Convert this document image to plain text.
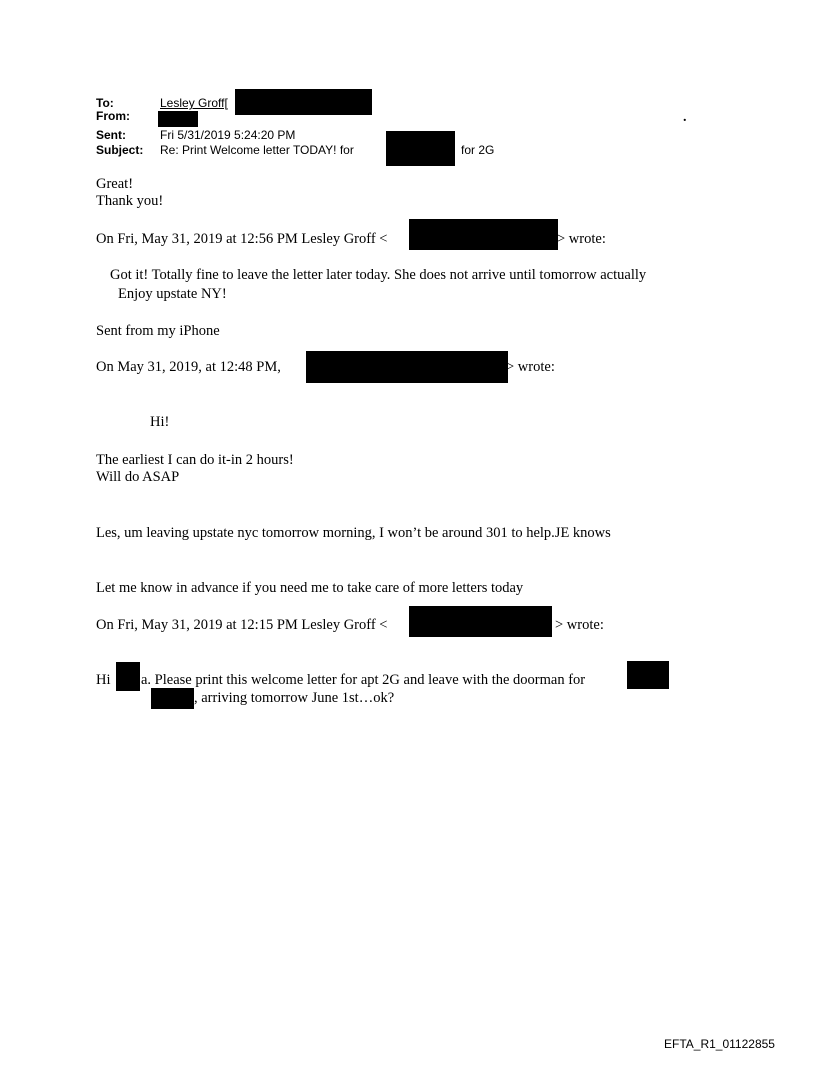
To:	Lesley Groff[
From:	.
Sent:	Fri 5/31/2019 5:24:20 PM
Subject: Re: Print Welcome letter TODAY! for	for 2G
Great!
Thank you!
On Fri, May 31, 2019 at 12:56 PM Lesley Groff <	> wrote:
Got it! Totally fine to leave the letter later today. She does not arrive until tomorrow actually
Enjoy upstate NY!
Sent from my iPhone
On May 31, 2019, at 12:48 PM,	> wrote:
Hi!
The earliest I can do it-in 2 hours!
Will do ASAP
Les, um leaving upstate nyc tomorrow morning, I won’t be around 301 to help.JE knows
Let me know in advance if you need me to take care of more letters today
On Fri, May 31, 2019 at 12:15 PM Lesley Groff <	> wrote:
Hi a. Please print this welcome letter for apt 2G and leave with the doorman for
, arriving tomorrow June 1st…ok?
EFTA_R1_01122855
